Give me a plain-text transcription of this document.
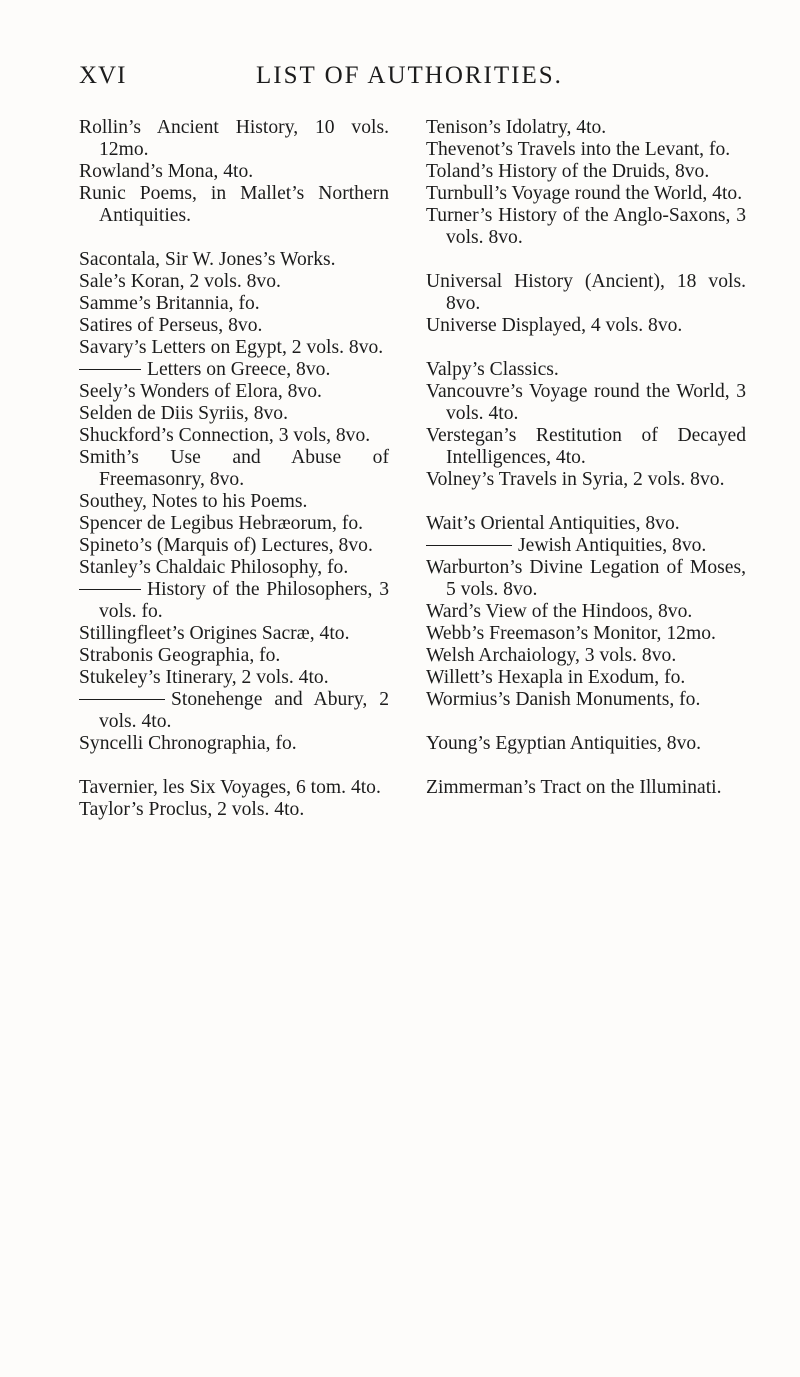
XVI	LIST OF AUTHORITIES.

Rollin’s Ancient History, 10 vols. 12mo.

Rowland’s Mona, 4to.

Runic Poems, in Mallet’s Northern Antiquities.

Sacontala, Sir W. Jones’s Works.

Sale’s Koran, 2 vols. 8vo.

Samme’s Britannia, fo.

Satires of Perseus, 8vo.

Savary’s Letters on Egypt, 2 vols. 8vo.

Letters on Greece, 8vo.

Seely’s Wonders of Elora, 8vo.

Selden de Diis Syriis, 8vo.

Shuckford’s Connection, 3 vols, 8vo.

Smith’s Use and Abuse of Freemasonry, 8vo.

Southey, Notes to his Poems.

Spencer de Legibus Hebræorum, fo.

Spineto’s (Marquis of) Lectures, 8vo.

Stanley’s Chaldaic Philosophy, fo.

History of the Philosophers, 3 vols. fo.

Stillingfleet’s Origines Sacræ, 4to.

Strabonis Geographia, fo.

Stukeley’s Itinerary, 2 vols. 4to.

Stonehenge and Abury, 2 vols. 4to.

Syncelli Chronographia, fo.

Tavernier, les Six Voyages, 6 tom. 4to.

Taylor’s Proclus, 2 vols. 4to.

Tenison’s Idolatry, 4to.

Thevenot’s Travels into the Levant, fo.

Toland’s History of the Druids, 8vo.

Turnbull’s Voyage round the World, 4to.

Turner’s History of the Anglo-Saxons, 3 vols. 8vo.

Universal History (Ancient), 18 vols. 8vo.

Universe Displayed, 4 vols. 8vo.

Valpy’s Classics.

Vancouvre’s Voyage round the World, 3 vols. 4to.

Verstegan’s Restitution of Decayed Intelligences, 4to.

Volney’s Travels in Syria, 2 vols. 8vo.

Wait’s Oriental Antiquities, 8vo.

Jewish Antiquities, 8vo.

Warburton’s Divine Legation of Moses, 5 vols. 8vo.

Ward’s View of the Hindoos, 8vo.

Webb’s Freemason’s Monitor, 12mo.

Welsh Archaiology, 3 vols. 8vo.

Willett’s Hexapla in Exodum, fo.

Wormius’s Danish Monuments, fo.

Young’s Egyptian Antiquities, 8vo.

Zimmerman’s Tract on the Illuminati.
